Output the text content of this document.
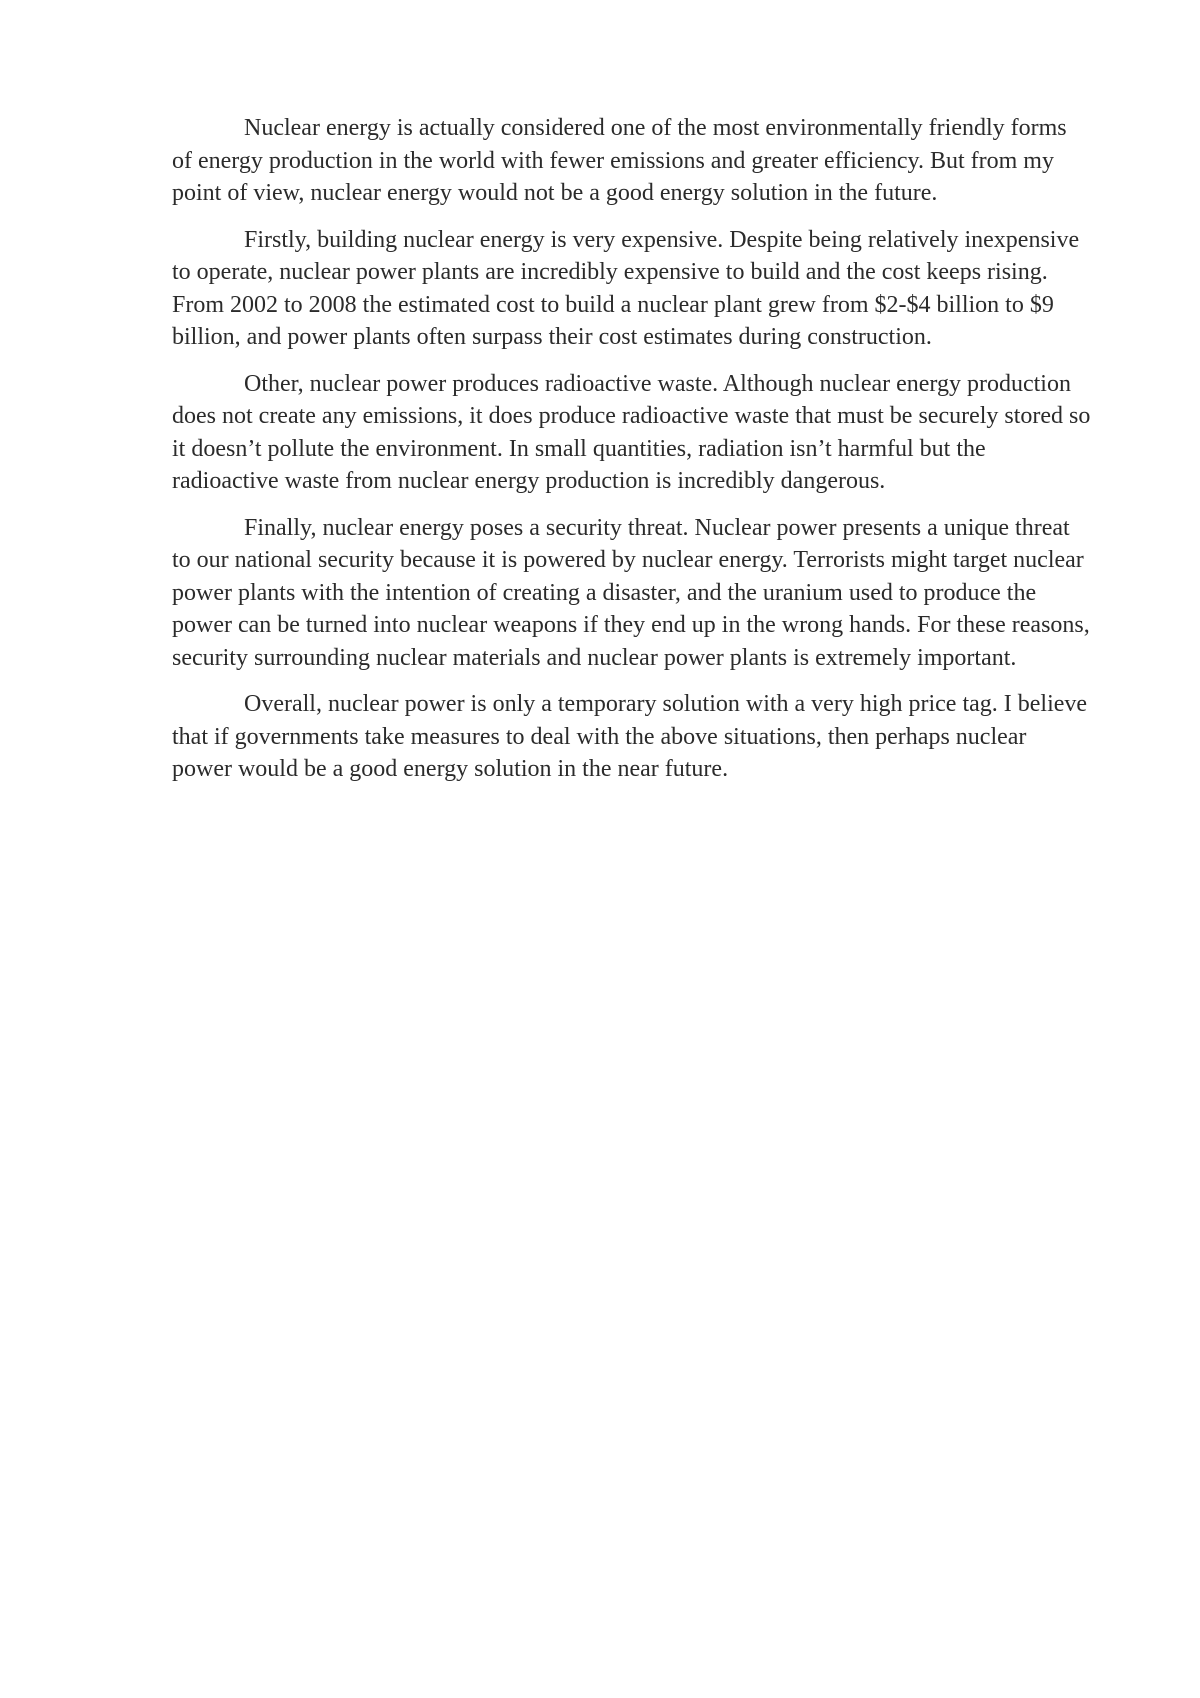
Nuclear energy is actually considered one of the most environmentally friendly forms of energy production in the world with fewer emissions and greater efficiency. But from my point of view, nuclear energy would not be a good energy solution in the future.

Firstly, building nuclear energy is very expensive. Despite being relatively inexpensive to operate, nuclear power plants are incredibly expensive to build and the cost keeps rising. From 2002 to 2008 the estimated cost to build a nuclear plant grew from $2-$4 billion to $9 billion, and power plants often surpass their cost estimates during construction.

Other, nuclear power produces radioactive waste. Although nuclear energy production does not create any emissions, it does produce radioactive waste that must be securely stored so it doesn’t pollute the environment. In small quantities, radiation isn’t harmful but the radioactive waste from nuclear energy production is incredibly dangerous.

Finally, nuclear energy poses a security threat. Nuclear power presents a unique threat to our national security because it is powered by nuclear energy. Terrorists might target nuclear power plants with the intention of creating a disaster, and the uranium used to produce the power can be turned into nuclear weapons if they end up in the wrong hands. For these reasons, security surrounding nuclear materials and nuclear power plants is extremely important.

Overall, nuclear power is only a temporary solution with a very high price tag. I believe that if governments take measures to deal with the above situations, then perhaps nuclear power would be a good energy solution in the near future.
